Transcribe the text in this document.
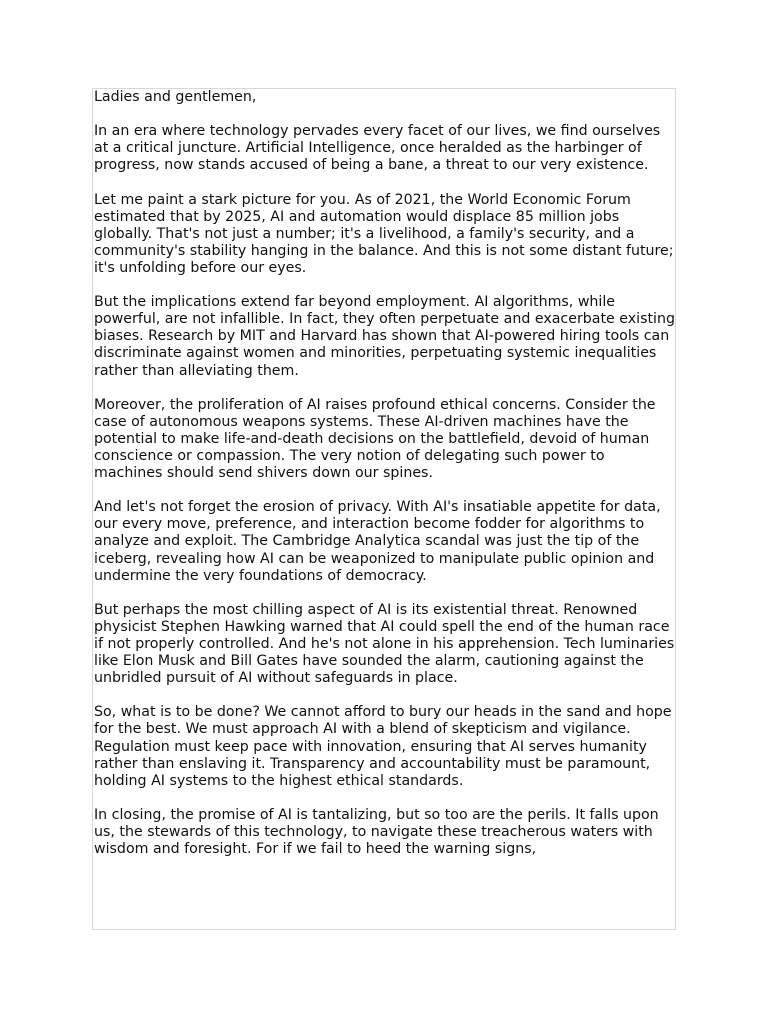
Ladies and gentlemen,

In an era where technology pervades every facet of our lives, we find ourselves at a critical juncture. Artificial Intelligence, once heralded as the harbinger of progress, now stands accused of being a bane, a threat to our very existence.

Let me paint a stark picture for you. As of 2021, the World Economic Forum estimated that by 2025, AI and automation would displace 85 million jobs globally. That's not just a number; it's a livelihood, a family's security, and a community's stability hanging in the balance. And this is not some distant future; it's unfolding before our eyes.

But the implications extend far beyond employment. AI algorithms, while powerful, are not infallible. In fact, they often perpetuate and exacerbate existing biases. Research by MIT and Harvard has shown that AI-powered hiring tools can discriminate against women and minorities, perpetuating systemic inequalities rather than alleviating them.

Moreover, the proliferation of AI raises profound ethical concerns. Consider the case of autonomous weapons systems. These AI-driven machines have the potential to make life-and-death decisions on the battlefield, devoid of human conscience or compassion. The very notion of delegating such power to machines should send shivers down our spines.

And let's not forget the erosion of privacy. With AI's insatiable appetite for data, our every move, preference, and interaction become fodder for algorithms to analyze and exploit. The Cambridge Analytica scandal was just the tip of the iceberg, revealing how AI can be weaponized to manipulate public opinion and undermine the very foundations of democracy.

But perhaps the most chilling aspect of AI is its existential threat. Renowned physicist Stephen Hawking warned that AI could spell the end of the human race if not properly controlled. And he's not alone in his apprehension. Tech luminaries like Elon Musk and Bill Gates have sounded the alarm, cautioning against the unbridled pursuit of AI without safeguards in place.

So, what is to be done? We cannot afford to bury our heads in the sand and hope for the best. We must approach AI with a blend of skepticism and vigilance. Regulation must keep pace with innovation, ensuring that AI serves humanity rather than enslaving it. Transparency and accountability must be paramount, holding AI systems to the highest ethical standards.

In closing, the promise of AI is tantalizing, but so too are the perils. It falls upon us, the stewards of this technology, to navigate these treacherous waters with wisdom and foresight. For if we fail to heed the warning signs,
